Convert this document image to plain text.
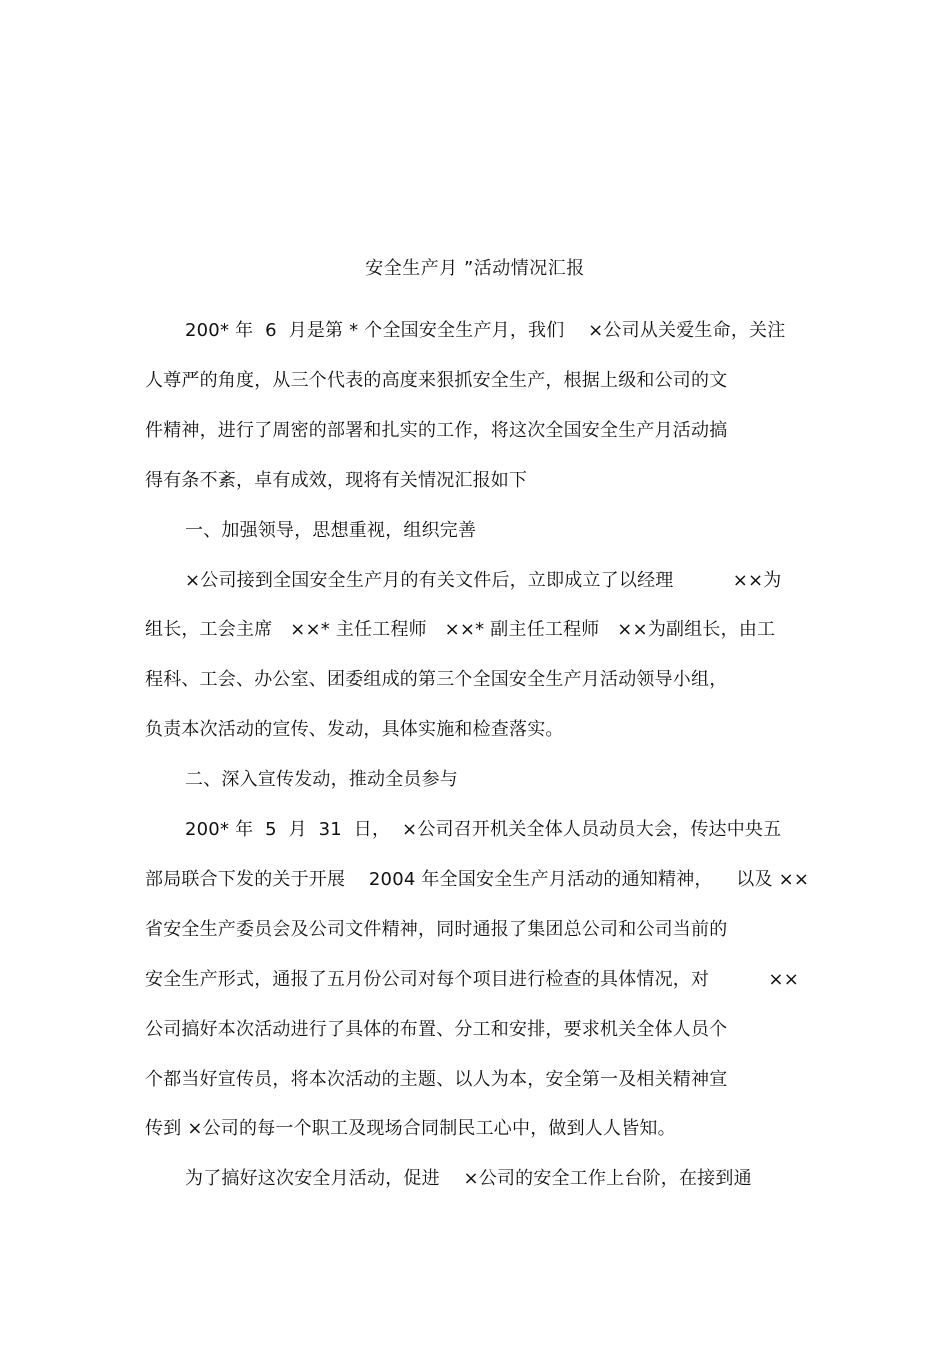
安全生产月 ”活动情况汇报
200* 年  6  月是第 * 个全国安全生产月，我们    ×公司从关爱生命，关注
人尊严的角度，从三个代表的高度来狠抓安全生产，根据上级和公司的文
件精神，进行了周密的部署和扎实的工作，将这次全国安全生产月活动搞
得有条不紊，卓有成效，现将有关情况汇报如下
一、加强领导，思想重视，组织完善
×公司接到全国安全生产月的有关文件后，立即成立了以经理          ××为
组长，工会主席   ××* 主任工程师   ××* 副主任工程师   ××为副组长，由工
程科、工会、办公室、团委组成的第三个全国安全生产月活动领导小组，
负责本次活动的宣传、发动，具体实施和检查落实。
二、深入宣传发动，推动全员参与
200* 年  5  月  31  日，  ×公司召开机关全体人员动员大会，传达中央五
部局联合下发的关于开展    2004 年全国安全生产月活动的通知精神，    以及 ××
省安全生产委员会及公司文件精神，同时通报了集团总公司和公司当前的
安全生产形式，通报了五月份公司对每个项目进行检查的具体情况，对          ××
公司搞好本次活动进行了具体的布置、分工和安排，要求机关全体人员个
个都当好宣传员，将本次活动的主题、以人为本，安全第一及相关精神宣
传到 ×公司的每一个职工及现场合同制民工心中，做到人人皆知。
为了搞好这次安全月活动，促进    ×公司的安全工作上台阶，在接到通
